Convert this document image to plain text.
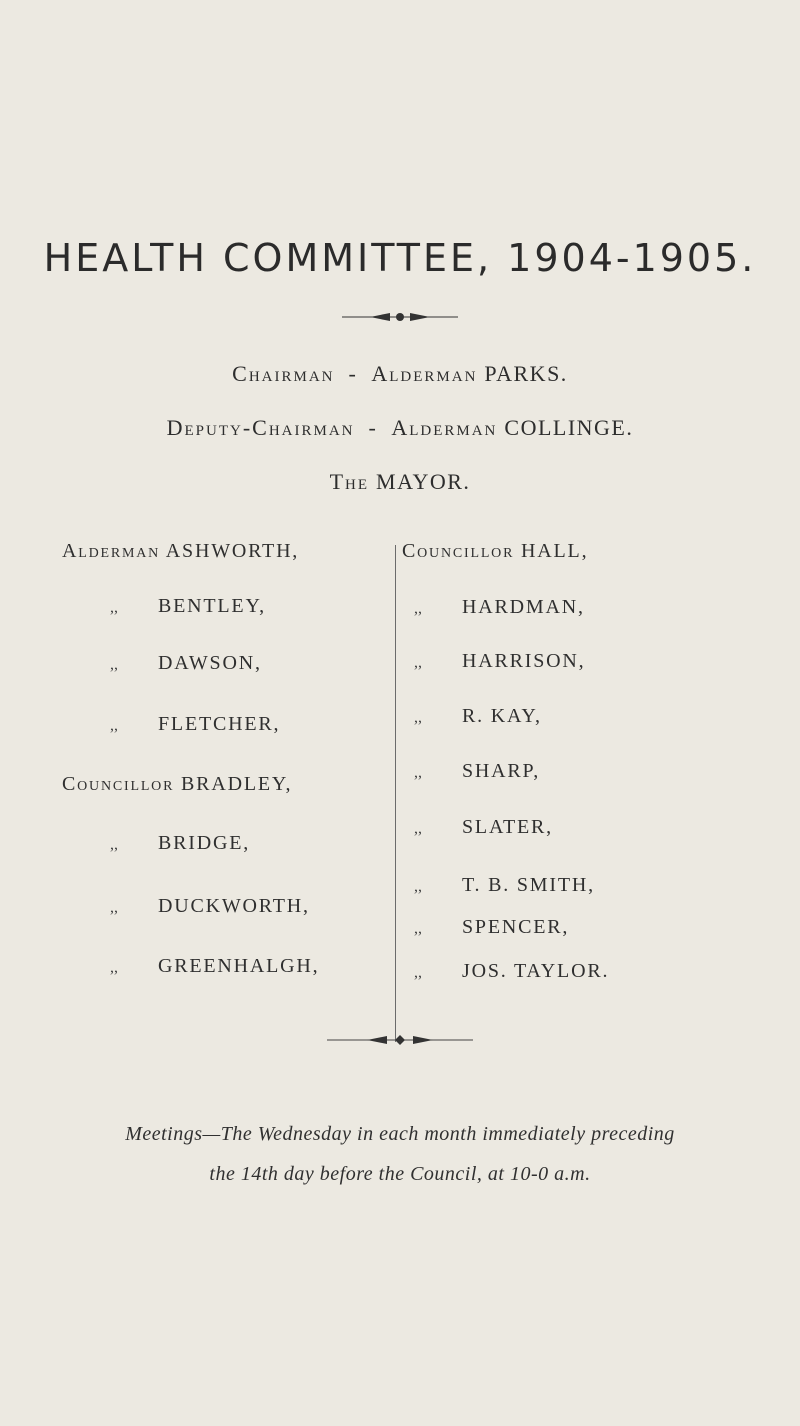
HEALTH COMMITTEE, 1904-1905.
Chairman - Alderman PARKS.
Deputy-Chairman - Alderman COLLINGE.
The MAYOR.
Alderman ASHWORTH,
,, BENTLEY,
,, DAWSON,
,, FLETCHER,
Councillor BRADLEY,
,, BRIDGE,
,, DUCKWORTH,
,, GREENHALGH,
Councillor HALL,
,, HARDMAN,
,, HARRISON,
,, R. KAY,
,, SHARP,
,, SLATER,
,, T. B. SMITH,
,, SPENCER,
,, JOS. TAYLOR.
Meetings—The Wednesday in each month immediately preceding
the 14th day before the Council, at 10-0 a.m.
